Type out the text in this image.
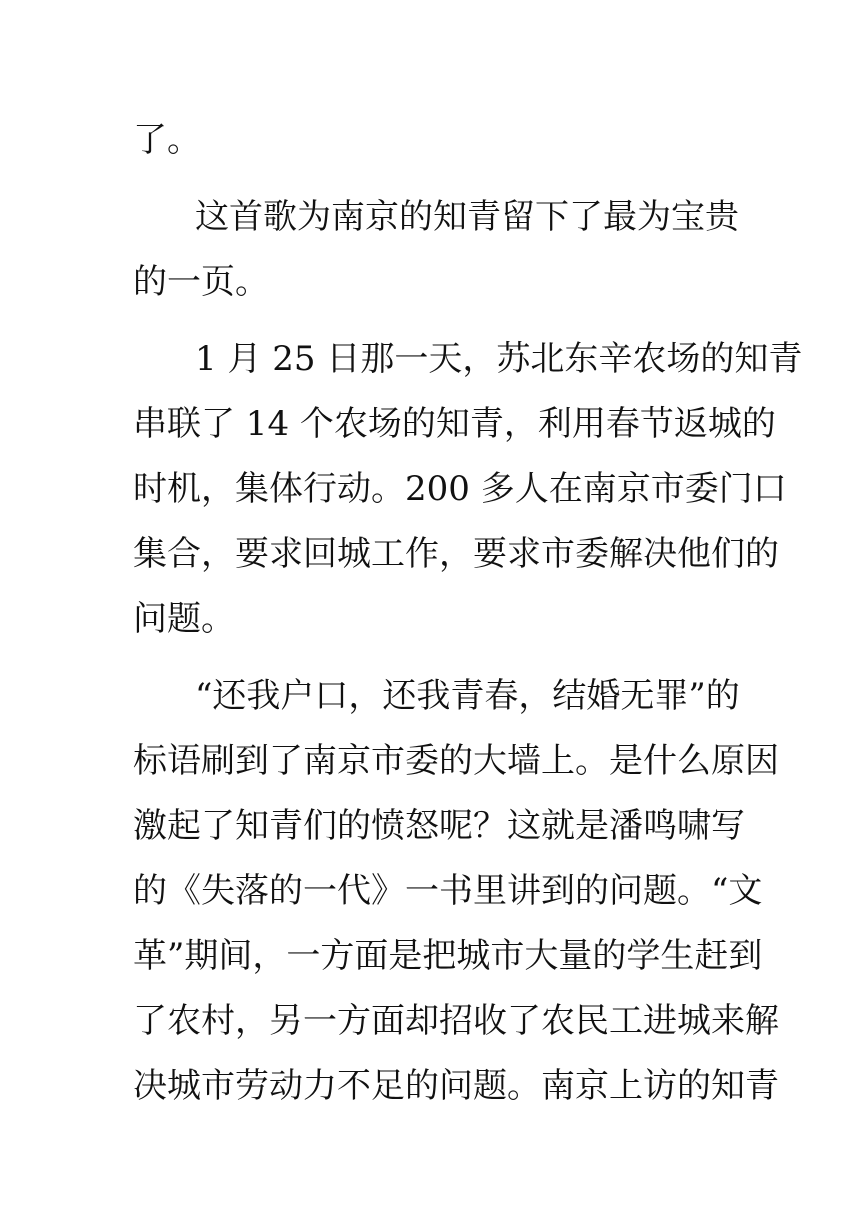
了。

这首歌为南京的知青留下了最为宝贵
的一页。

1 月 25 日那一天，苏北东辛农场的知青
串联了 14 个农场的知青，利用春节返城的
时机，集体行动。200 多人在南京市委门口
集合，要求回城工作，要求市委解决他们的
问题。

“还我户口，还我青春，结婚无罪”的
标语刷到了南京市委的大墙上。是什么原因
激起了知青们的愤怒呢？这就是潘鸣啸写
的《失落的一代》一书里讲到的问题。“文
革”期间，一方面是把城市大量的学生赶到
了农村，另一方面却招收了农民工进城来解
决城市劳动力不足的问题。南京上访的知青
